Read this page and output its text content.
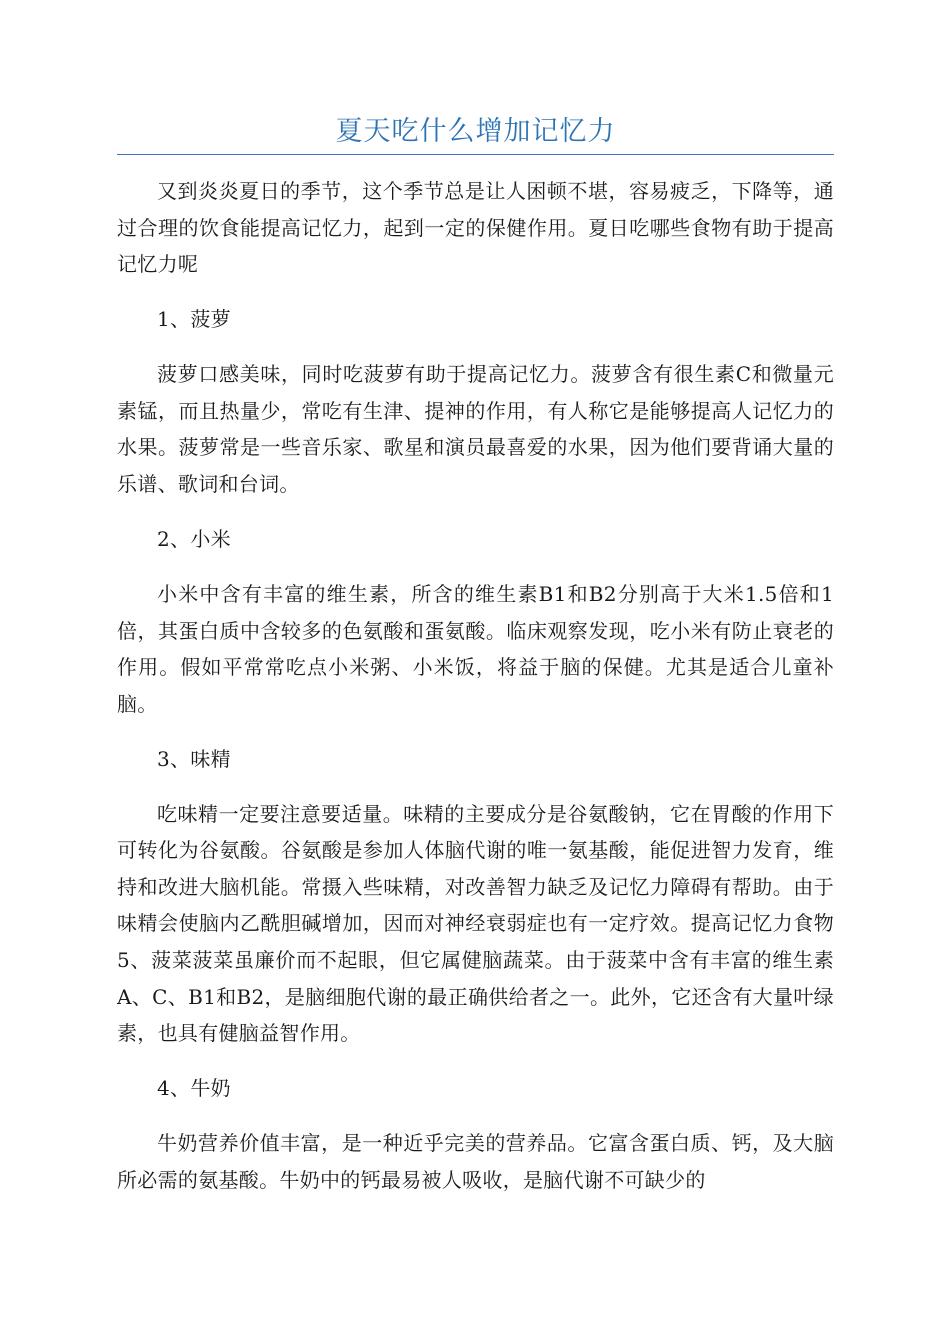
夏天吃什么增加记忆力

又到炎炎夏日的季节，这个季节总是让人困顿不堪，容易疲乏，下降等，通过合理的饮食能提高记忆力，起到一定的保健作用。夏日吃哪些食物有助于提高记忆力呢

1、菠萝

菠萝口感美味，同时吃菠萝有助于提高记忆力。菠萝含有很生素C和微量元素锰，而且热量少，常吃有生津、提神的作用，有人称它是能够提高人记忆力的水果。菠萝常是一些音乐家、歌星和演员最喜爱的水果，因为他们要背诵大量的乐谱、歌词和台词。

2、小米

小米中含有丰富的维生素，所含的维生素B1和B2分别高于大米1.5倍和1倍，其蛋白质中含较多的色氨酸和蛋氨酸。临床观察发现，吃小米有防止衰老的作用。假如平常常吃点小米粥、小米饭，将益于脑的保健。尤其是适合儿童补脑。

3、味精

吃味精一定要注意要适量。味精的主要成分是谷氨酸钠，它在胃酸的作用下可转化为谷氨酸。谷氨酸是参加人体脑代谢的唯一氨基酸，能促进智力发育，维持和改进大脑机能。常摄入些味精，对改善智力缺乏及记忆力障碍有帮助。由于味精会使脑内乙酰胆碱增加，因而对神经衰弱症也有一定疗效。提高记忆力食物5、菠菜菠菜虽廉价而不起眼，但它属健脑蔬菜。由于菠菜中含有丰富的维生素A、C、B1和B2，是脑细胞代谢的最正确供给者之一。此外，它还含有大量叶绿素，也具有健脑益智作用。

4、牛奶

牛奶营养价值丰富，是一种近乎完美的营养品。它富含蛋白质、钙，及大脑所必需的氨基酸。牛奶中的钙最易被人吸收，是脑代谢不可缺少的
